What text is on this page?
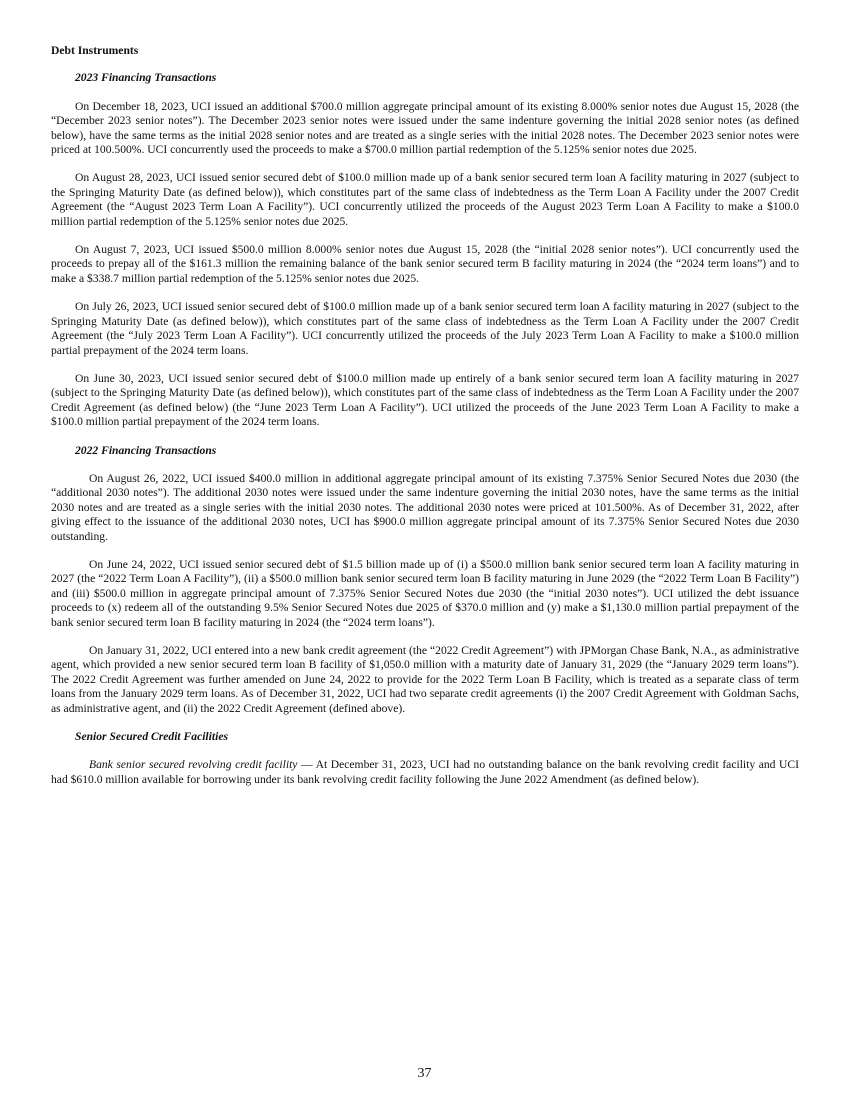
Debt Instruments
2023 Financing Transactions

On December 18, 2023, UCI issued an additional $700.0 million aggregate principal amount of its existing 8.000% senior notes due August 15, 2028 (the “December 2023 senior notes”). The December 2023 senior notes were issued under the same indenture governing the initial 2028 senior notes (as defined below), have the same terms as the initial 2028 senior notes and are treated as a single series with the initial 2028 notes. The December 2023 senior notes were priced at 100.500%. UCI concurrently used the proceeds to make a $700.0 million partial redemption of the 5.125% senior notes due 2025.

On August 28, 2023, UCI issued senior secured debt of $100.0 million made up of a bank senior secured term loan A facility maturing in 2027 (subject to the Springing Maturity Date (as defined below)), which constitutes part of the same class of indebtedness as the Term Loan A Facility under the 2007 Credit Agreement (the “August 2023 Term Loan A Facility”). UCI concurrently utilized the proceeds of the August 2023 Term Loan A Facility to make a $100.0 million partial redemption of the 5.125% senior notes due 2025.

On August 7, 2023, UCI issued $500.0 million 8.000% senior notes due August 15, 2028 (the “initial 2028 senior notes”). UCI concurrently used the proceeds to prepay all of the $161.3 million the remaining balance of the bank senior secured term B facility maturing in 2024 (the “2024 term loans”) and to make a $338.7 million partial redemption of the 5.125% senior notes due 2025.

On July 26, 2023, UCI issued senior secured debt of $100.0 million made up of a bank senior secured term loan A facility maturing in 2027 (subject to the Springing Maturity Date (as defined below)), which constitutes part of the same class of indebtedness as the Term Loan A Facility under the 2007 Credit Agreement (the “July 2023 Term Loan A Facility”). UCI concurrently utilized the proceeds of the July 2023 Term Loan A Facility to make a $100.0 million partial prepayment of the 2024 term loans.

On June 30, 2023, UCI issued senior secured debt of $100.0 million made up entirely of a bank senior secured term loan A facility maturing in 2027 (subject to the Springing Maturity Date (as defined below)), which constitutes part of the same class of indebtedness as the Term Loan A Facility under the 2007 Credit Agreement (as defined below) (the “June 2023 Term Loan A Facility”). UCI utilized the proceeds of the June 2023 Term Loan A Facility to make a $100.0 million partial prepayment of the 2024 term loans.

2022 Financing Transactions

On August 26, 2022, UCI issued $400.0 million in additional aggregate principal amount of its existing 7.375% Senior Secured Notes due 2030 (the “additional 2030 notes”). The additional 2030 notes were issued under the same indenture governing the initial 2030 notes, have the same terms as the initial 2030 notes and are treated as a single series with the initial 2030 notes. The additional 2030 notes were priced at 101.500%. As of December 31, 2022, after giving effect to the issuance of the additional 2030 notes, UCI has $900.0 million aggregate principal amount of its 7.375% Senior Secured Notes due 2030 outstanding.

On June 24, 2022, UCI issued senior secured debt of $1.5 billion made up of (i) a $500.0 million bank senior secured term loan A facility maturing in 2027 (the “2022 Term Loan A Facility”), (ii) a $500.0 million bank senior secured term loan B facility maturing in June 2029 (the “2022 Term Loan B Facility”) and (iii) $500.0 million in aggregate principal amount of 7.375% Senior Secured Notes due 2030 (the “initial 2030 notes”). UCI utilized the debt issuance proceeds to (x) redeem all of the outstanding 9.5% Senior Secured Notes due 2025 of $370.0 million and (y) make a $1,130.0 million partial prepayment of the bank senior secured term loan B facility maturing in 2024 (the “2024 term loans”).

On January 31, 2022, UCI entered into a new bank credit agreement (the “2022 Credit Agreement”) with JPMorgan Chase Bank, N.A., as administrative agent, which provided a new senior secured term loan B facility of $1,050.0 million with a maturity date of January 31, 2029 (the “January 2029 term loans”). The 2022 Credit Agreement was further amended on June 24, 2022 to provide for the 2022 Term Loan B Facility, which is treated as a separate class of term loans from the January 2029 term loans. As of December 31, 2022, UCI had two separate credit agreements (i) the 2007 Credit Agreement with Goldman Sachs, as administrative agent, and (ii) the 2022 Credit Agreement (defined above).

Senior Secured Credit Facilities

Bank senior secured revolving credit facility — At December 31, 2023, UCI had no outstanding balance on the bank revolving credit facility and UCI had $610.0 million available for borrowing under its bank revolving credit facility following the June 2022 Amendment (as defined below).

37
